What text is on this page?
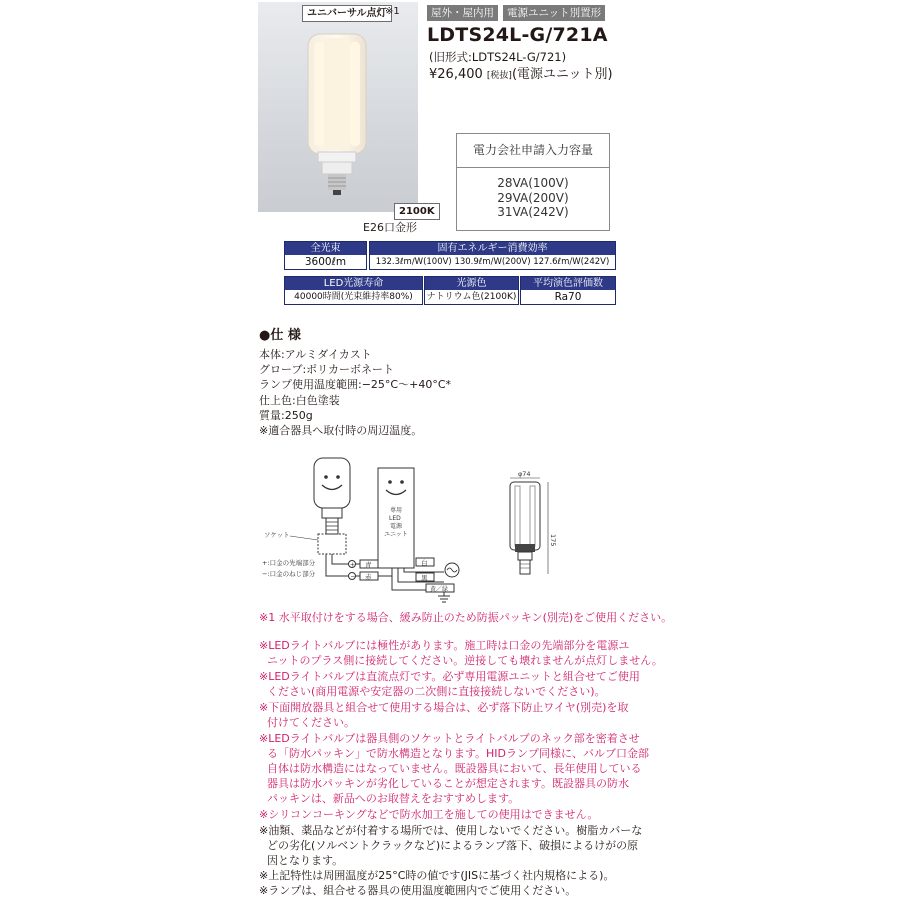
ユニバーサル点灯
※1
2100K
E26口金形
屋外・屋内用	電源ユニット別置形
LDTS24L-G/721A
(旧形式:LDTS24L-G/721)
¥26,400 [税抜](電源ユニット別)
電力会社申請入力容量
28VA(100V)
29VA(200V)
31VA(242V)
全光束
3600ℓm
固有エネルギー消費効率
132.3ℓm/W(100V) 130.9ℓm/W(200V) 127.6ℓm/W(242V)
LED光源寿命
40000時間(光束維持率80%)
光源色
ナトリウム色(2100K)
平均演色評価数
Ra70
●仕 様
本体:アルミダイカスト
グローブ:ポリカーボネート
ランプ使用温度範囲:−25°C〜+40°C*
仕上色:白色塗装
質量:250g
※適合器具へ取付時の周辺温度。
ソケット
+:口金の先端部分
−:口金のねじ部分
+
−
青
赤
専用
LED
電源
ユニット
白
黒
黄／緑
φ74
175
※1 水平取付けをする場合、緩み防止のため防振パッキン(別売)をご使用ください。
※LEDライトバルブには極性があります。施工時は口金の先端部分を電源ユ
ニットのプラス側に接続してください。逆接しても壊れませんが点灯しません。
※LEDライトバルブは直流点灯です。必ず専用電源ユニットと組合せてご使用
ください(商用電源や安定器の二次側に直接接続しないでください)。
※下面開放器具と組合せて使用する場合は、必ず落下防止ワイヤ(別売)を取
付けてください。
※LEDライトバルブは器具側のソケットとライトバルブのネック部を密着させ
る「防水パッキン」で防水構造となります。HIDランプ同様に、バルブ口金部
自体は防水構造にはなっていません。既設器具において、長年使用している
器具は防水パッキンが劣化していることが想定されます。既設器具の防水
パッキンは、新品へのお取替えをおすすめします。
※シリコンコーキングなどで防水加工を施しての使用はできません。
※油類、薬品などが付着する場所では、使用しないでください。樹脂カバーな
どの劣化(ソルベントクラックなど)によるランプ落下、破損によるけがの原
因となります。
※上記特性は周囲温度が25°C時の値です(JISに基づく社内規格による)。
※ランプは、組合せる器具の使用温度範囲内でご使用ください。
